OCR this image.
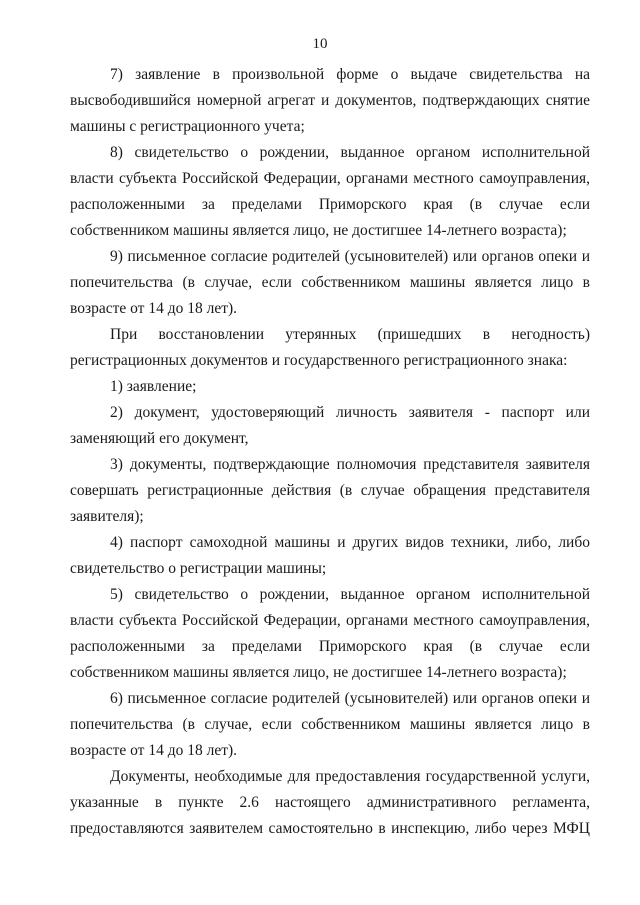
10

7) заявление в произвольной форме о выдаче свидетельства на высвободившийся номерной агрегат и документов, подтверждающих снятие машины с регистрационного учета;

8) свидетельство о рождении, выданное органом исполнительной власти субъекта Российской Федерации, органами местного самоуправления, расположенными за пределами Приморского края (в случае если собственником машины является лицо, не достигшее 14-летнего возраста);

9) письменное согласие родителей (усыновителей) или органов опеки и попечительства (в случае, если собственником машины является лицо в возрасте от 14 до 18 лет).

При восстановлении утерянных (пришедших в негодность) регистрационных документов и государственного регистрационного знака:

1) заявление;

2) документ, удостоверяющий личность заявителя - паспорт или заменяющий его документ,

3) документы, подтверждающие полномочия представителя заявителя совершать регистрационные действия (в случае обращения представителя заявителя);

4) паспорт самоходной машины и других видов техники, либо, либо свидетельство о регистрации машины;

5) свидетельство о рождении, выданное органом исполнительной власти субъекта Российской Федерации, органами местного самоуправления, расположенными за пределами Приморского края (в случае если собственником машины является лицо, не достигшее 14-летнего возраста);

6) письменное согласие родителей (усыновителей) или органов опеки и попечительства (в случае, если собственником машины является лицо в возрасте от 14 до 18 лет).

Документы, необходимые для предоставления государственной услуги, указанные в пункте 2.6 настоящего административного регламента, предоставляются заявителем самостоятельно в инспекцию, либо через МФЦ
